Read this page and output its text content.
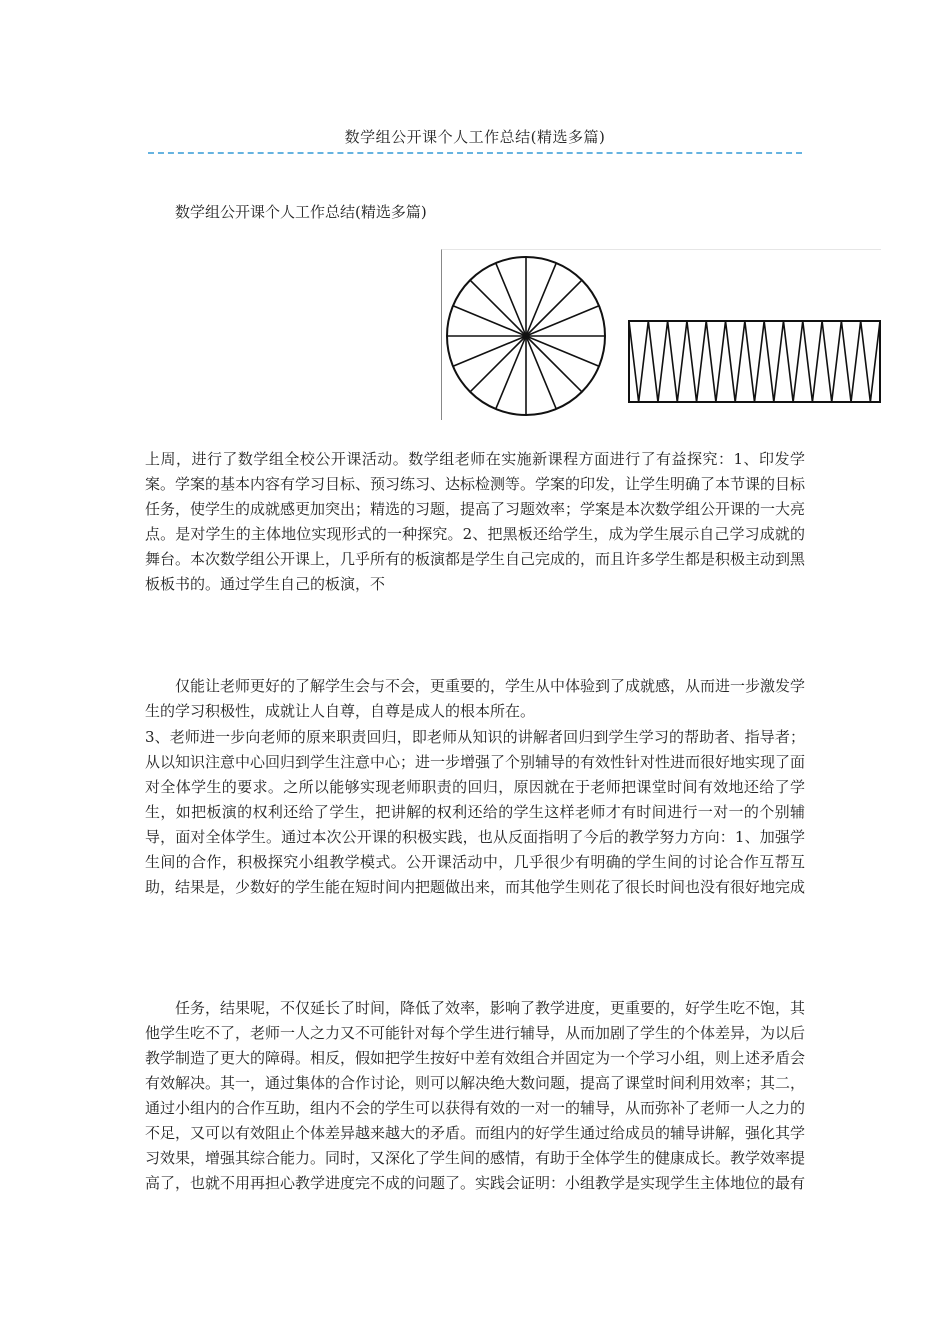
数学组公开课个人工作总结(精选多篇)
数学组公开课个人工作总结(精选多篇)

上周，进行了数学组全校公开课活动。数学组老师在实施新课程方面进行了有益探究：1、印发学案。学案的基本内容有学习目标、预习练习、达标检测等。学案的印发，让学生明确了本节课的目标任务，使学生的成就感更加突出；精选的习题，提高了习题效率；学案是本次数学组公开课的一大亮点。是对学生的主体地位实现形式的一种探究。2、把黑板还给学生，成为学生展示自己学习成就的舞台。本次数学组公开课上，几乎所有的板演都是学生自己完成的，而且许多学生都是积极主动到黑板板书的。通过学生自己的板演，不

仅能让老师更好的了解学生会与不会，更重要的，学生从中体验到了成就感，从而进一步激发学生的学习积极性，成就让人自尊，自尊是成人的根本所在。

3、老师进一步向老师的原来职责回归，即老师从知识的讲解者回归到学生学习的帮助者、指导者；从以知识注意中心回归到学生注意中心；进一步增强了个别辅导的有效性针对性进而很好地实现了面对全体学生的要求。之所以能够实现老师职责的回归，原因就在于老师把课堂时间有效地还给了学生，如把板演的权利还给了学生，把讲解的权利还给的学生这样老师才有时间进行一对一的个别辅导，面对全体学生。通过本次公开课的积极实践，也从反面指明了今后的教学努力方向：1、加强学生间的合作，积极探究小组教学模式。公开课活动中，几乎很少有明确的学生间的讨论合作互帮互助，结果是，少数好的学生能在短时间内把题做出来，而其他学生则花了很长时间也没有很好地完成

任务，结果呢，不仅延长了时间，降低了效率，影响了教学进度，更重要的，好学生吃不饱，其他学生吃不了，老师一人之力又不可能针对每个学生进行辅导，从而加剧了学生的个体差异，为以后教学制造了更大的障碍。相反，假如把学生按好中差有效组合并固定为一个学习小组，则上述矛盾会有效解决。其一，通过集体的合作讨论，则可以解决绝大数问题，提高了课堂时间利用效率；其二，通过小组内的合作互助，组内不会的学生可以获得有效的一对一的辅导，从而弥补了老师一人之力的不足，又可以有效阻止个体差异越来越大的矛盾。而组内的好学生通过给成员的辅导讲解，强化其学习效果，增强其综合能力。同时，又深化了学生间的感情，有助于全体学生的健康成长。教学效率提高了，也就不用再担心教学进度完不成的问题了。实践会证明：小组教学是实现学生主体地位的最有
